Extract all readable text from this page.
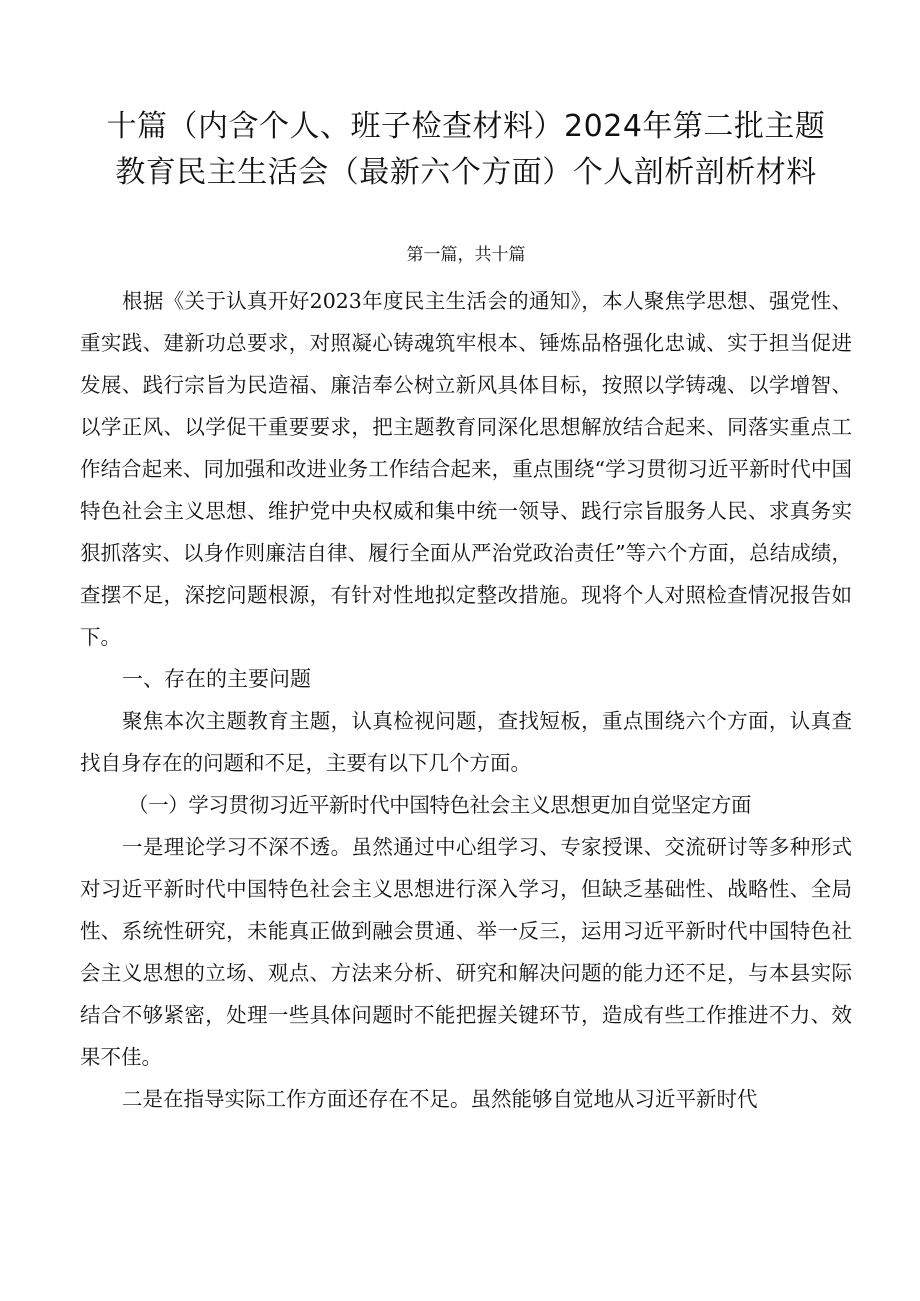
十篇（内含个人、班子检查材料）2024年第二批主题
教育民主生活会（最新六个方面）个人剖析剖析材料
第一篇，共十篇

根据《关于认真开好2023年度民主生活会的通知》，本人聚焦学思想、强党性、重实践、建新功总要求，对照凝心铸魂筑牢根本、锤炼品格强化忠诚、实于担当促进发展、践行宗旨为民造福、廉洁奉公树立新风具体目标，按照以学铸魂、以学增智、以学正风、以学促干重要要求，把主题教育同深化思想解放结合起来、同落实重点工作结合起来、同加强和改进业务工作结合起来，重点围绕“学习贯彻习近平新时代中国特色社会主义思想、维护党中央权威和集中统一领导、践行宗旨服务人民、求真务实狠抓落实、以身作则廉洁自律、履行全面从严治党政治责任”等六个方面，总结成绩，查摆不足，深挖问题根源，有针对性地拟定整改措施。现将个人对照检查情况报告如下。

一、存在的主要问题

聚焦本次主题教育主题，认真检视问题，查找短板，重点围绕六个方面，认真查找自身存在的问题和不足，主要有以下几个方面。

（一）学习贯彻习近平新时代中国特色社会主义思想更加自觉坚定方面

一是理论学习不深不透。虽然通过中心组学习、专家授课、交流研讨等多种形式对习近平新时代中国特色社会主义思想进行深入学习，但缺乏基础性、战略性、全局性、系统性研究，未能真正做到融会贯通、举一反三，运用习近平新时代中国特色社会主义思想的立场、观点、方法来分析、研究和解决问题的能力还不足，与本县实际结合不够紧密，处理一些具体问题时不能把握关键环节，造成有些工作推进不力、效果不佳。

二是在指导实际工作方面还存在不足。虽然能够自觉地从习近平新时代
